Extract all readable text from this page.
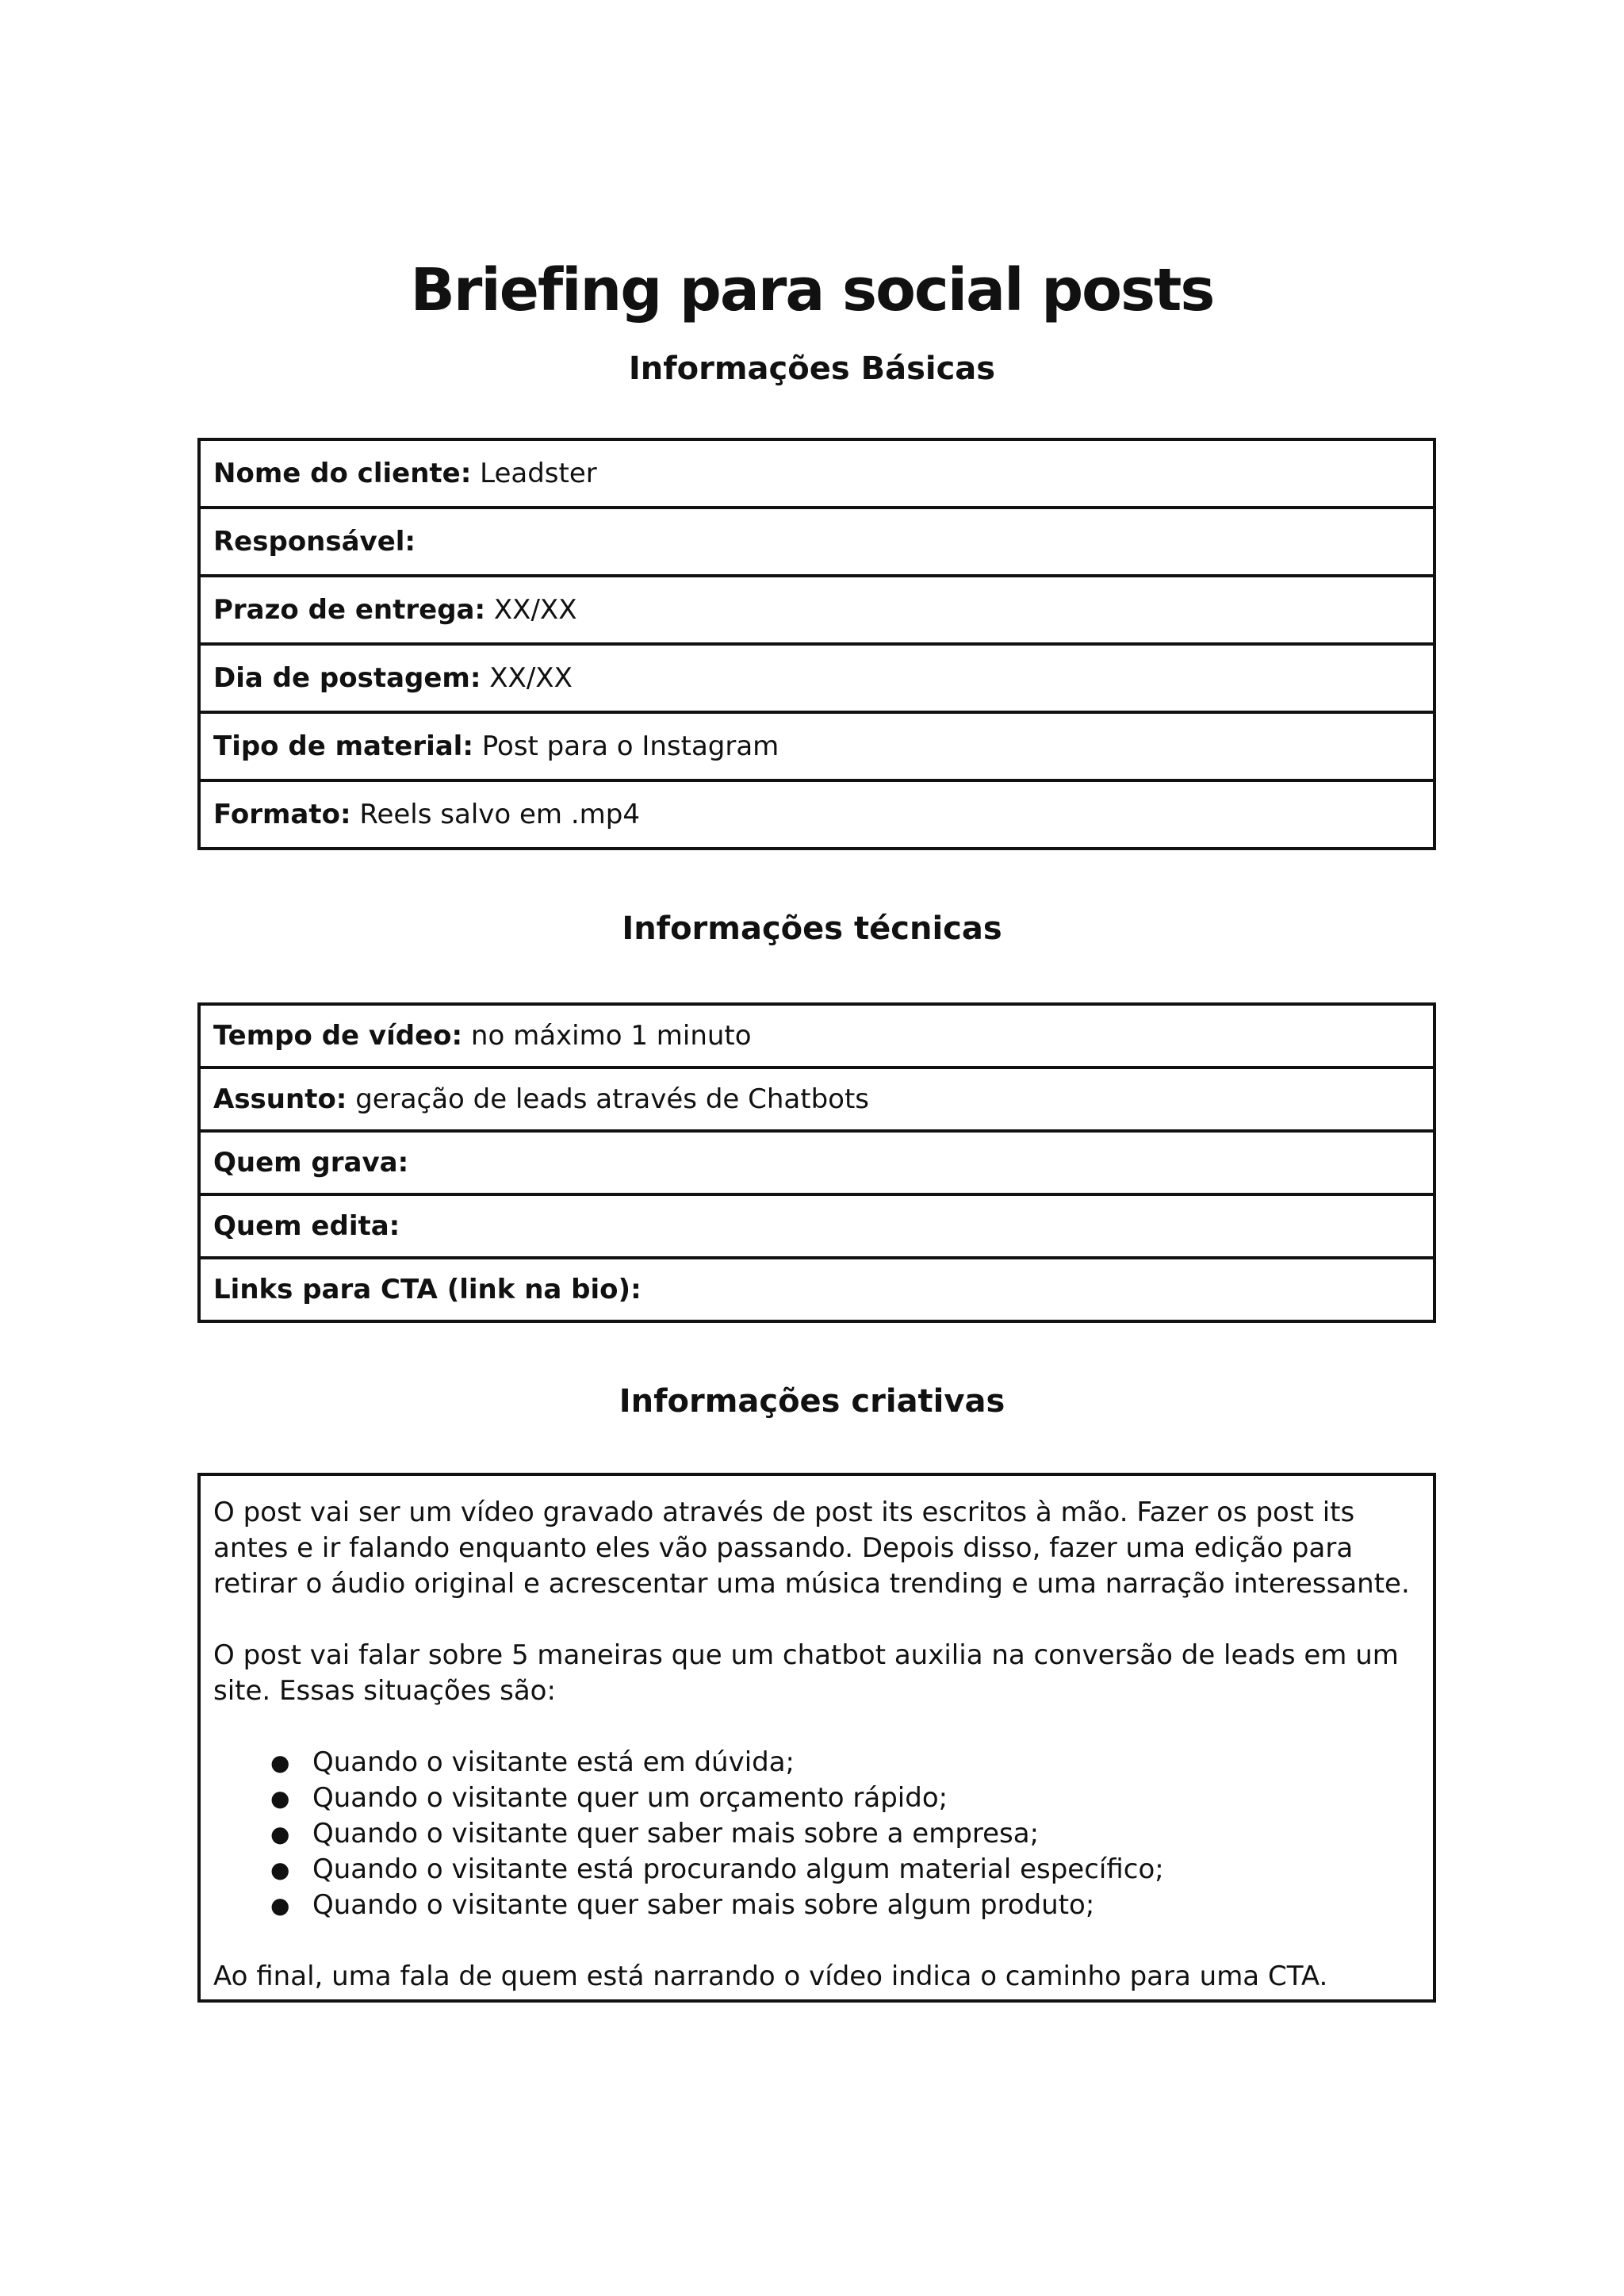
Briefing para social posts
Informações Básicas
Nome do cliente: Leadster
Responsável:
Prazo de entrega: XX/XX
Dia de postagem: XX/XX
Tipo de material: Post para o Instagram
Formato: Reels salvo em .mp4
Informações técnicas
Tempo de vídeo: no máximo 1 minuto
Assunto: geração de leads através de Chatbots
Quem grava:
Quem edita:
Links para CTA (link na bio):
Informações criativas

O post vai ser um vídeo gravado através de post its escritos à mão. Fazer os post its antes e ir falando enquanto eles vão passando. Depois disso, fazer uma edição para retirar o áudio original e acrescentar uma música trending e uma narração interessante.

O post vai falar sobre 5 maneiras que um chatbot auxilia na conversão de leads em um site. Essas situações são:

● Quando o visitante está em dúvida;
● Quando o visitante quer um orçamento rápido;
● Quando o visitante quer saber mais sobre a empresa;
● Quando o visitante está procurando algum material específico;
● Quando o visitante quer saber mais sobre algum produto;

Ao final, uma fala de quem está narrando o vídeo indica o caminho para uma CTA.
